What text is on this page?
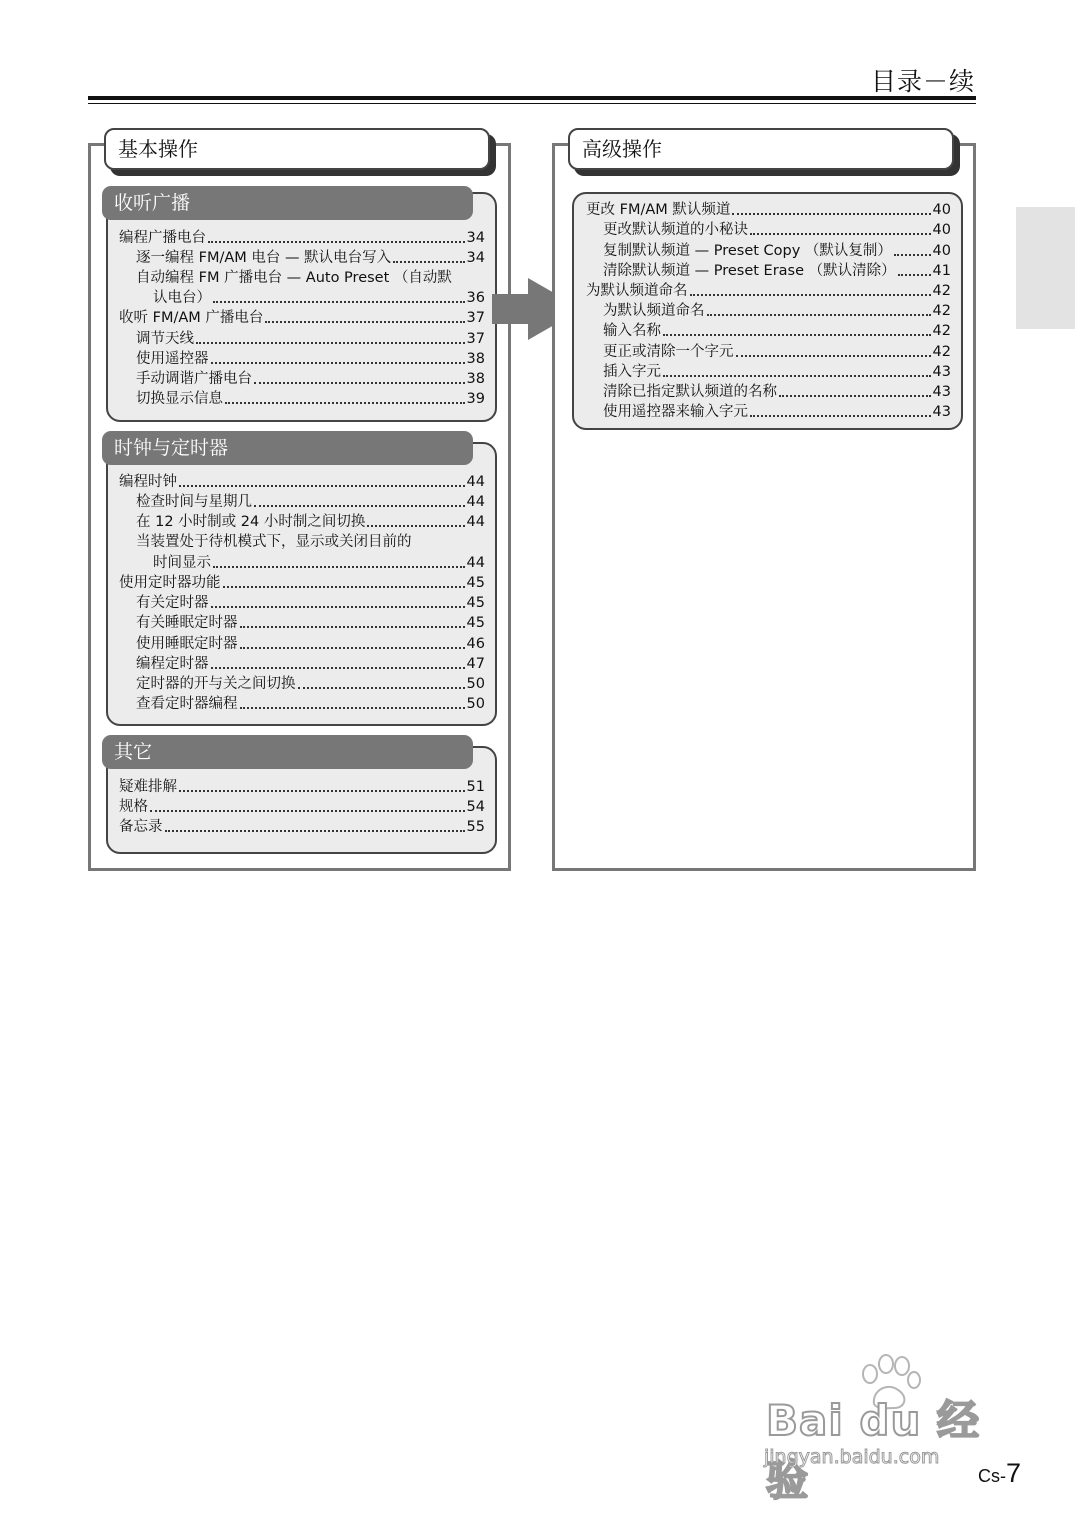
目录－续
基本操作
收听广播
编程广播电台	34
逐一编程 FM/AM 电台 — 默认电台写入	34
自动编程 FM 广播电台 — Auto Preset （自动默
认电台）	36
收听 FM/AM 广播电台	37
调节天线	37
使用遥控器	38
手动调谐广播电台	38
切换显示信息	39
时钟与定时器
编程时钟	44
检查时间与星期几	44
在 12 小时制或 24 小时制之间切换	44
当装置处于待机模式下，显示或关闭目前的
时间显示	44
使用定时器功能	45
有关定时器	45
有关睡眠定时器	45
使用睡眠定时器	46
编程定时器	47
定时器的开与关之间切换	50
查看定时器编程	50
其它
疑难排解	51
规格	54
备忘录	55
高级操作
更改 FM/AM 默认频道	40
更改默认频道的小秘诀	40
复制默认频道 — Preset Copy （默认复制）	40
清除默认频道 — Preset Erase （默认清除）	41
为默认频道命名	42
为默认频道命名	42
输入名称	42
更正或清除一个字元	42
插入字元	43
清除已指定默认频道的名称	43
使用遥控器来输入字元	43
Bai du 经验
jingyan.baidu.com
Cs-7
